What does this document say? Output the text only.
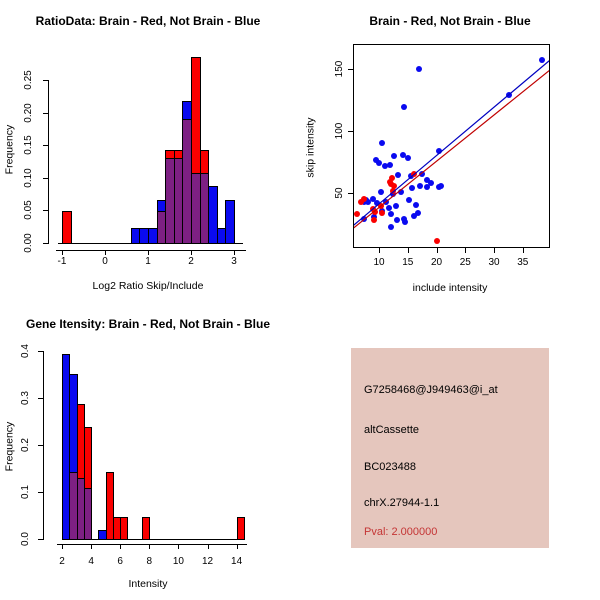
RatioData: Brain - Red, Not Brain - Blue
Frequency
Log2 Ratio Skip/Include
-1	0	1	2	3
0.00
0.05
0.10
0.15
0.20
0.25
Brain - Red, Not Brain - Blue
skip intensity
include intensity
10	15	20	25	30	35
50
100
150
Gene Itensity: Brain - Red, Not Brain - Blue
Frequency
Intensity
2	4	6	8	10	12	14
0.0
0.1
0.2
0.3
0.4
G7258468@J949463@i_at
altCassette
BC023488
chrX.27944-1.1
Pval: 2.000000
